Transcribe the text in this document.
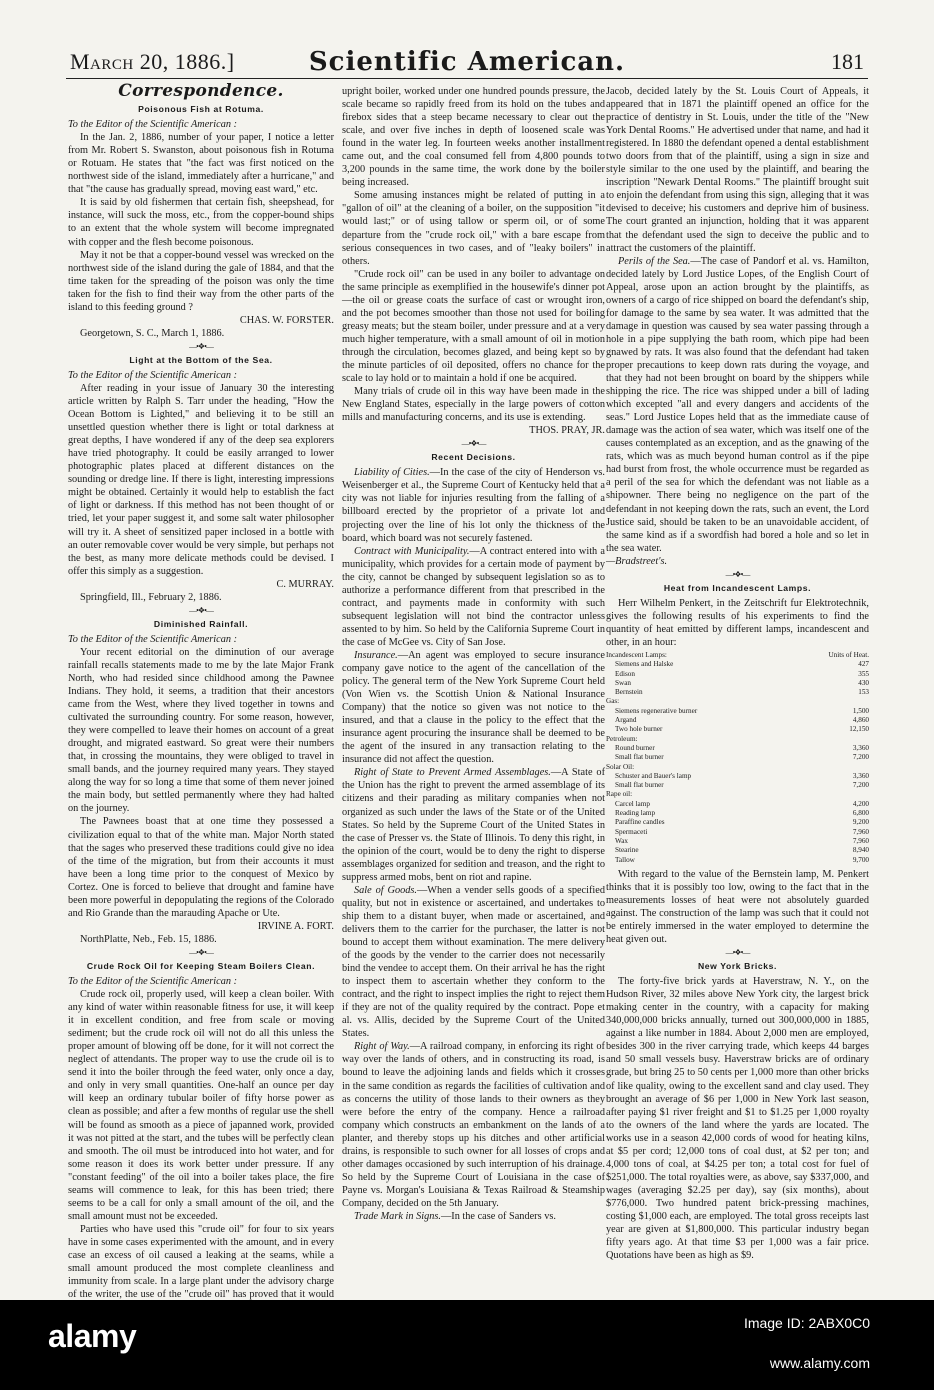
March 20, 1886.]	Scientific American.	181
Correspondence.
Poisonous Fish at Rotuma.

To the Editor of the Scientific American :

In the Jan. 2, 1886, number of your paper, I notice a letter from Mr. Robert S. Swanston, about poisonous fish in Rotuma or Rotuam. He states that "the fact was first noticed on the northwest side of the island, immediately after a hurricane," and that "the cause has gradually spread, moving east ward," etc.

It is said by old fishermen that certain fish, sheepshead, for instance, will suck the moss, etc., from the copper-bound ships to an extent that the whole system will become impregnated with copper and the flesh become poisonous.

May it not be that a copper-bound vessel was wrecked on the northwest side of the island during the gale of 1884, and that the time taken for the spreading of the poison was only the time taken for the fish to find their way from the other parts of the island to this feeding ground ?

CHAS. W. FORSTER.

Georgetown, S. C., March 1, 1886.

—•❖•—
Light at the Bottom of the Sea.

To the Editor of the Scientific American :

After reading in your issue of January 30 the interesting article written by Ralph S. Tarr under the heading, "How the Ocean Bottom is Lighted," and believing it to be still an unsettled question whether there is light or total darkness at great depths, I have wondered if any of the deep sea explorers have tried photography. It could be easily arranged to lower photographic plates placed at different distances on the sounding or dredge line. If there is light, interesting impressions might be obtained. Certainly it would help to establish the fact of light or darkness. If this method has not been thought of or tried, let your paper suggest it, and some salt water philosopher will try it. A sheet of sensitized paper inclosed in a bottle with an outer removable cover would be very simple, but perhaps not the best, as many more delicate methods could be devised. I offer this simply as a suggestion.

C. MURRAY.

Springfield, Ill., February 2, 1886.

—•❖•—
Diminished Rainfall.

To the Editor of the Scientific American :

Your recent editorial on the diminution of our average rainfall recalls statements made to me by the late Major Frank North, who had resided since childhood among the Pawnee Indians. They hold, it seems, a tradition that their ancestors came from the West, where they lived together in towns and cultivated the surrounding country. For some reason, however, they were compelled to leave their homes on account of a great drought, and migrated eastward. So great were their numbers that, in crossing the mountains, they were obliged to travel in small bands, and the journey required many years. They stayed along the way for so long a time that some of them never joined the main body, but settled permanently where they had halted on the journey.

The Pawnees boast that at one time they possessed a civilization equal to that of the white man. Major North stated that the sages who preserved these traditions could give no idea of the time of the migration, but from their accounts it must have been a long time prior to the conquest of Mexico by Cortez. One is forced to believe that drought and famine have been more powerful in depopulating the regions of the Colorado and Rio Grande than the marauding Apache or Ute.

IRVINE A. FORT.

NorthPlatte, Neb., Feb. 15, 1886.

—•❖•—
Crude Rock Oil for Keeping Steam Boilers Clean.

To the Editor of the Scientific American :

Crude rock oil, properly used, will keep a clean boiler. With any kind of water within reasonable fitness for use, it will keep it in excellent condition, and free from scale or moving sediment; but the crude rock oil will not do all this unless the proper amount of blowing off be done, for it will not correct the neglect of attendants. The proper way to use the crude oil is to send it into the boiler through the feed water, only once a day, and only in very small quantities. One-half an ounce per day will keep an ordinary tubular boiler of fifty horse power as clean as possible; and after a few months of regular use the shell will be found as smooth as a piece of japanned work, provided it was not pitted at the start, and the tubes will be perfectly clean and smooth. The oil must be introduced into hot water, and for some reason it does its work better under pressure. If any "constant feeding" of the oil into a boiler takes place, the fire seams will commence to leak, for this has been tried; there seems to be a call for only a small amount of the oil, and the small amount must not be exceeded.

Parties who have used this "crude oil" for four to six years have in some cases experimented with the amount, and in every case an excess of oil caused a leaking at the seams, while a small amount produced the most complete cleanliness and immunity from scale. In a large plant under the advisory charge of the writer, the use of the "crude oil" has proved that it would

upright boiler, worked under one hundred pounds pressure, the scale became so rapidly freed from its hold on the tubes and firebox sides that a steep became necessary to clear out the scale, and over five inches in depth of loosened scale was found in the water leg. In fourteen weeks another installment came out, and the coal consumed fell from 4,800 pounds to 3,200 pounds in the same time, the work done by the boiler being increased.

Some amusing instances might be related of putting in a "gallon of oil" at the cleaning of a boiler, on the supposition "it would last;" or of using tallow or sperm oil, or of some departure from the "crude rock oil," with a bare escape from serious consequences in two cases, and of "leaky boilers" in others.

"Crude rock oil" can be used in any boiler to advantage on the same principle as exemplified in the housewife's dinner pot—the oil or grease coats the surface of cast or wrought iron, and the pot becomes smoother than those not used for boiling greasy meats; but the steam boiler, under pressure and at a very much higher temperature, with a small amount of oil in motion through the circulation, becomes glazed, and being kept so by the minute particles of oil deposited, offers no chance for the scale to lay hold or to maintain a hold if one be acquired.

Many trials of crude oil in this way have been made in the New England States, especially in the large powers of cotton mills and manufacturing concerns, and its use is extending.

THOS. PRAY, JR.

—•❖•—
Recent Decisions.

Liability of Cities.—In the case of the city of Henderson vs. Weisenberger et al., the Supreme Court of Kentucky held that a city was not liable for injuries resulting from the falling of a billboard erected by the proprietor of a private lot and projecting over the line of his lot only the thickness of the board, which board was not securely fastened.

Contract with Municipality.—A contract entered into with a municipality, which provides for a certain mode of payment by the city, cannot be changed by subsequent legislation so as to authorize a performance different from that prescribed in the contract, and payments made in conformity with such subsequent legislation will not bind the contractor unless assented to by him. So held by the California Supreme Court in the case of McGee vs. City of San Jose.

Insurance.—An agent was employed to secure insurance company gave notice to the agent of the cancellation of the policy. The general term of the New York Supreme Court held (Von Wien vs. the Scottish Union & National Insurance Company) that the notice so given was not notice to the insured, and that a clause in the policy to the effect that the insurance agent procuring the insurance shall be deemed to be the agent of the insured in any transaction relating to the insurance did not affect the question.

Right of State to Prevent Armed Assemblages.—A State of the Union has the right to prevent the armed assemblage of its citizens and their parading as military companies when not organized as such under the laws of the State or of the United States. So held by the Supreme Court of the United States in the case of Presser vs. the State of Illinois. To deny this right, in the opinion of the court, would be to deny the right to disperse assemblages organized for sedition and treason, and the right to suppress armed mobs, bent on riot and rapine.

Sale of Goods.—When a vender sells goods of a specified quality, but not in existence or ascertained, and undertakes to ship them to a distant buyer, when made or ascertained, and delivers them to the carrier for the purchaser, the latter is not bound to accept them without examination. The mere delivery of the goods by the vender to the carrier does not necessarily bind the vendee to accept them. On their arrival he has the right to inspect them to ascertain whether they conform to the contract, and the right to inspect implies the right to reject them if they are not of the quality required by the contract. Pope et al. vs. Allis, decided by the Supreme Court of the United States.

Right of Way.—A railroad company, in enforcing its right of way over the lands of others, and in constructing its road, is bound to leave the adjoining lands and fields which it crosses in the same condition as regards the facilities of cultivation and as concerns the utility of those lands to their owners as they were before the entry of the company. Hence a railroad company which constructs an embankment on the lands of a planter, and thereby stops up his ditches and other artificial drains, is responsible to such owner for all losses of crops and other damages occasioned by such interruption of his drainage. So held by the Supreme Court of Louisiana in the case of Payne vs. Morgan's Louisiana & Texas Railroad & Steamship Company, decided on the 5th January.

Trade Mark in Signs.—In the case of Sanders vs.

Jacob, decided lately by the St. Louis Court of Appeals, it appeared that in 1871 the plaintiff opened an office for the practice of dentistry in St. Louis, under the title of the "New York Dental Rooms." He advertised under that name, and had it registered. In 1880 the defendant opened a dental establishment two doors from that of the plaintiff, using a sign in size and style similar to the one used by the plaintiff, and bearing the inscription "Newark Dental Rooms." The plaintiff brought suit to enjoin the defendant from using this sign, alleging that it was devised to deceive; his customers and deprive him of business. The court granted an injunction, holding that it was apparent that the defendant used the sign to deceive the public and to attract the customers of the plaintiff.

Perils of the Sea.—The case of Pandorf et al. vs. Hamilton, decided lately by Lord Justice Lopes, of the English Court of Appeal, arose upon an action brought by the plaintiffs, as owners of a cargo of rice shipped on board the defendant's ship, for damage to the same by sea water. It was admitted that the damage in question was caused by sea water passing through a hole in a pipe supplying the bath room, which pipe had been gnawed by rats. It was also found that the defendant had taken proper precautions to keep down rats during the voyage, and that they had not been brought on board by the shippers while shipping the rice. The rice was shipped under a bill of lading which excepted "all and every dangers and accidents of the seas." Lord Justice Lopes held that as the immediate cause of damage was the action of sea water, which was itself one of the causes contemplated as an exception, and as the gnawing of the rats, which was as much beyond human control as if the pipe had burst from frost, the whole occurrence must be regarded as a peril of the sea for which the defendant was not liable as a shipowner. There being no negligence on the part of the defendant in not keeping down the rats, such an event, the Lord Justice said, should be taken to be an unavoidable accident, of the same kind as if a swordfish had bored a hole and so let in the sea water.

—Bradstreet's.

—•❖•—
Heat from Incandescent Lamps.

Herr Wilhelm Penkert, in the Zeitschrift fur Elektrotechnik, gives the following results of his experiments to find the quantity of heat emitted by different lamps, incandescent and other, in an hour:

Incandescent Lamps:	Units of Heat.
Siemens and Halske	427
Edison	355
Swan	430
Bernstein	153
Gas:
Siemens regenerative burner	1,500
Argand	4,860
Two hole burner	12,150
Petroleum:
Round burner	3,360
Small flat burner	7,200
Solar Oil:
Schuster and Bauer's lamp	3,360
Small flat burner	7,200
Rape oil:
Carcel lamp	4,200
Reading lamp	6,800
Paraffine candles	9,200
Spermaceti	7,960
Wax	7,960
Stearine	8,940
Tallow	9,700

With regard to the value of the Bernstein lamp, M. Penkert thinks that it is possibly too low, owing to the fact that in the measurements losses of heat were not absolutely guarded against. The construction of the lamp was such that it could not be entirely immersed in the water employed to determine the heat given out.

—•❖•—
New York Bricks.

The forty-five brick yards at Haverstraw, N. Y., on the Hudson River, 32 miles above New York city, the largest brick making center in the country, with a capacity for making 340,000,000 bricks annually, turned out 300,000,000 in 1885, against a like number in 1884. About 2,000 men are employed, besides 300 in the river carrying trade, which keeps 44 barges and 50 small vessels busy. Haverstraw bricks are of ordinary grade, but bring 25 to 50 cents per 1,000 more than other bricks of like quality, owing to the excellent sand and clay used. They brought an average of $6 per 1,000 in New York last season, after paying $1 river freight and $1 to $1.25 per 1,000 royalty to the owners of the land where the yards are located. The works use in a season 42,000 cords of wood for heating kilns, at $5 per cord; 12,000 tons of coal dust, at $2 per ton; and 4,000 tons of coal, at $4.25 per ton; a total cost for fuel of $251,000. The total royalties were, as above, say $337,000, and wages (averaging $2.25 per day), say (six months), about $776,000. Two hundred patent brick-pressing machines, costing $1,000 each, are employed. The total gross receipts last year are given at $1,800,000. This particular industry began fifty years ago. At that time $3 per 1,000 was a fair price. Quotations have been as high as $9.

alamy	Image ID: 2ABX0C0
www.alamy.com
